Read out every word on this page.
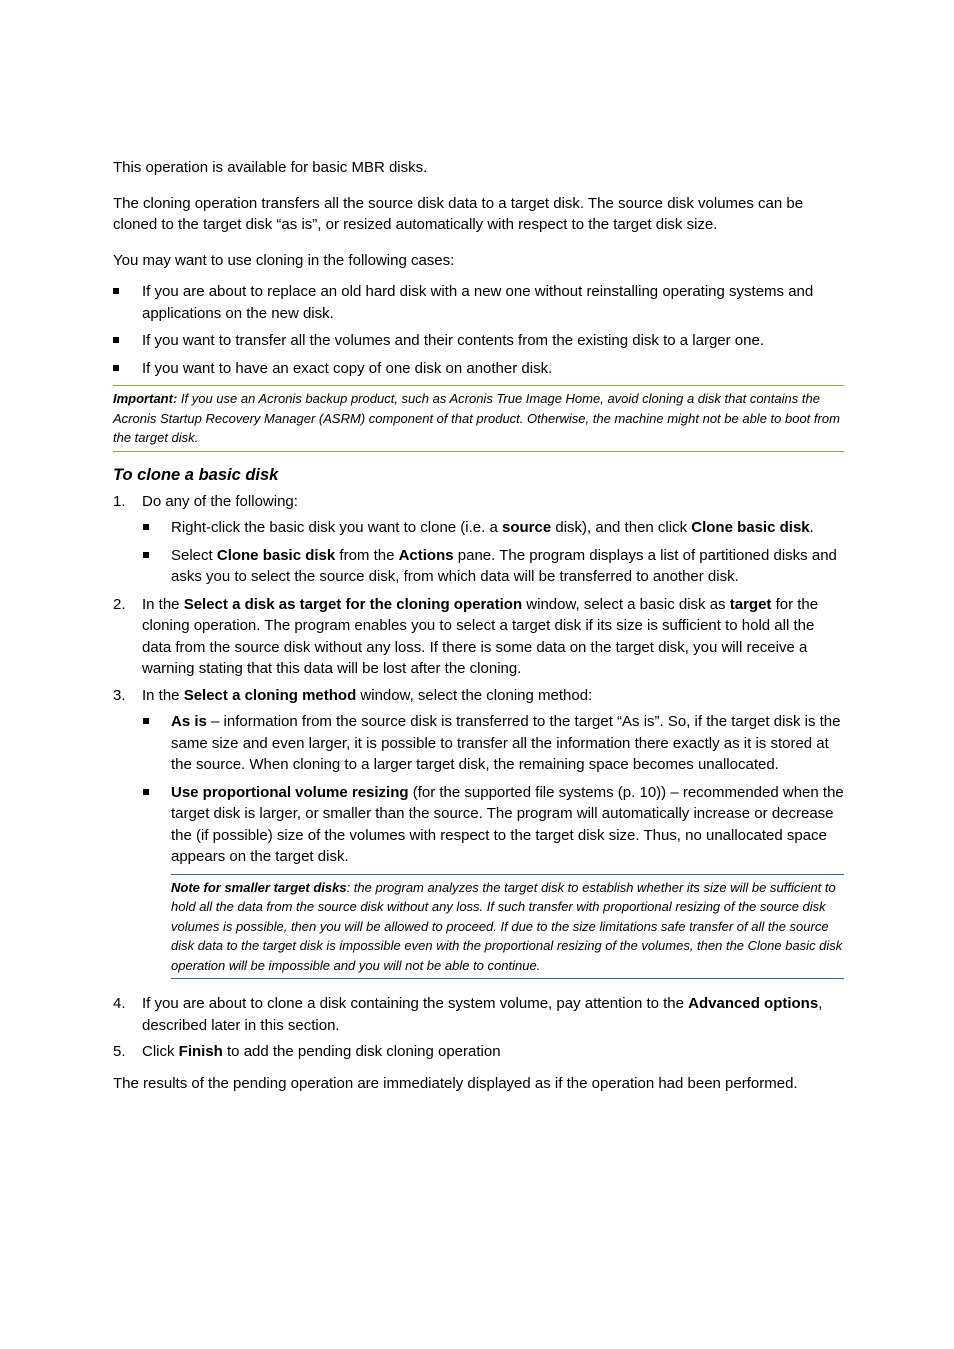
This operation is available for basic MBR disks.

The cloning operation transfers all the source disk data to a target disk. The source disk volumes can be cloned to the target disk “as is”, or resized automatically with respect to the target disk size.

You may want to use cloning in the following cases:

If you are about to replace an old hard disk with a new one without reinstalling operating systems and applications on the new disk.
If you want to transfer all the volumes and their contents from the existing disk to a larger one.
If you want to have an exact copy of one disk on another disk.
Important: If you use an Acronis backup product, such as Acronis True Image Home, avoid cloning a disk that contains the Acronis Startup Recovery Manager (ASRM) component of that product. Otherwise, the machine might not be able to boot from the target disk.
To clone a basic disk
1. Do any of the following:
Right-click the basic disk you want to clone (i.e. a source disk), and then click Clone basic disk.
Select Clone basic disk from the Actions pane. The program displays a list of partitioned disks and asks you to select the source disk, from which data will be transferred to another disk.
2. In the Select a disk as target for the cloning operation window, select a basic disk as target for the cloning operation. The program enables you to select a target disk if its size is sufficient to hold all the data from the source disk without any loss. If there is some data on the target disk, you will receive a warning stating that this data will be lost after the cloning.
3. In the Select a cloning method window, select the cloning method:
As is – information from the source disk is transferred to the target “As is”. So, if the target disk is the same size and even larger, it is possible to transfer all the information there exactly as it is stored at the source. When cloning to a larger target disk, the remaining space becomes unallocated.
Use proportional volume resizing (for the supported file systems (p. 10)) – recommended when the target disk is larger, or smaller than the source. The program will automatically increase or decrease the (if possible) size of the volumes with respect to the target disk size. Thus, no unallocated space appears on the target disk.
Note for smaller target disks: the program analyzes the target disk to establish whether its size will be sufficient to hold all the data from the source disk without any loss. If such transfer with proportional resizing of the source disk volumes is possible, then you will be allowed to proceed. If due to the size limitations safe transfer of all the source disk data to the target disk is impossible even with the proportional resizing of the volumes, then the Clone basic disk operation will be impossible and you will not be able to continue.
4. If you are about to clone a disk containing the system volume, pay attention to the Advanced options, described later in this section.
5. Click Finish to add the pending disk cloning operation

The results of the pending operation are immediately displayed as if the operation had been performed.
